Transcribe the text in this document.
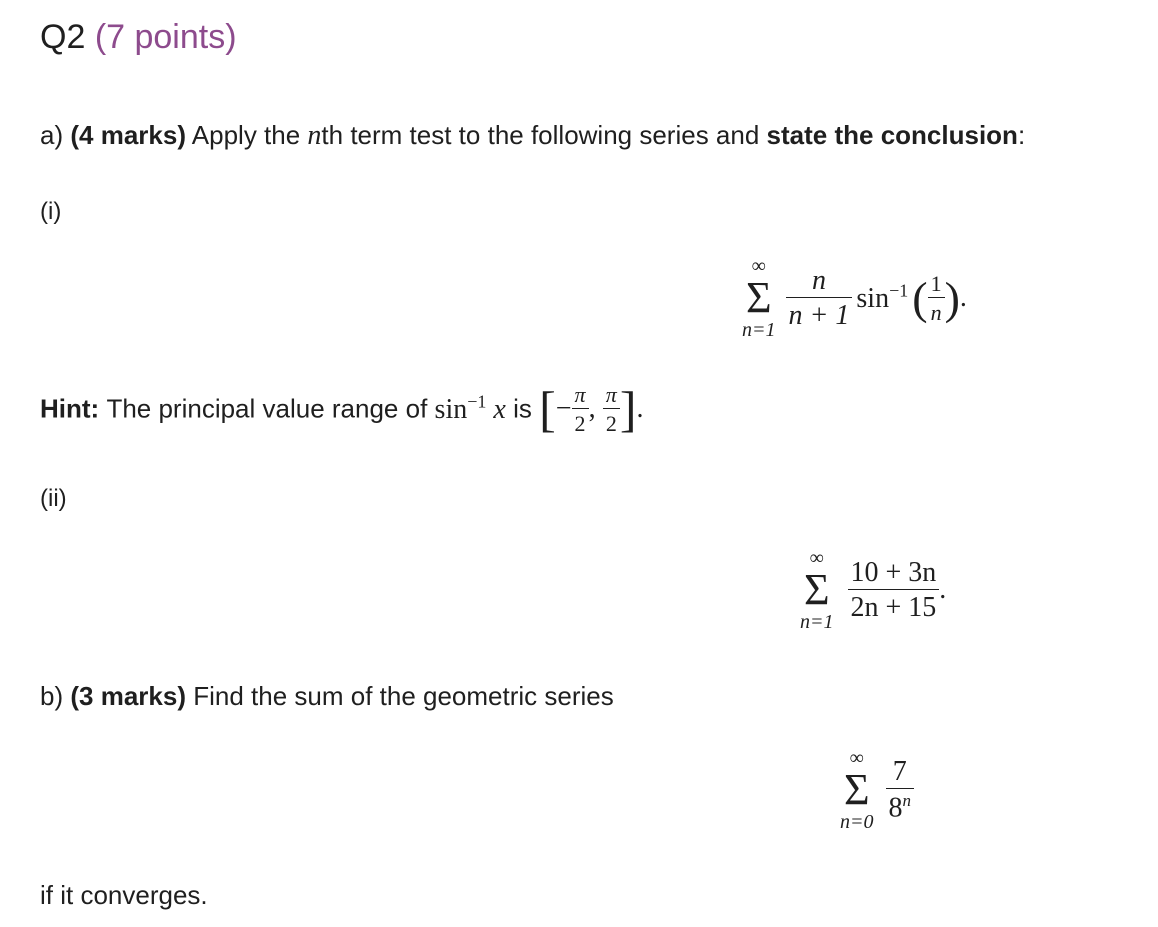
Q2 (7 points)
a) (4 marks) Apply the nth term test to the following series and state the conclusion:
(i)
∞
Σ
n=1
$\frac{n}{n + 1} \sin^{-1}$ ( $\frac{1}{n}$ ).
Hint: The principal value range of $\sin^{-1} x$ is [− $\frac{\pi}{2}$ , $\frac{\pi}{2}$ ].
(ii)
∞
Σ
n=1
$\frac{10 + 3n}{2n + 15}$ .
b) (3 marks) Find the sum of the geometric series
∞
Σ
n=0
$\frac{7}{8^n}$
if it converges.
